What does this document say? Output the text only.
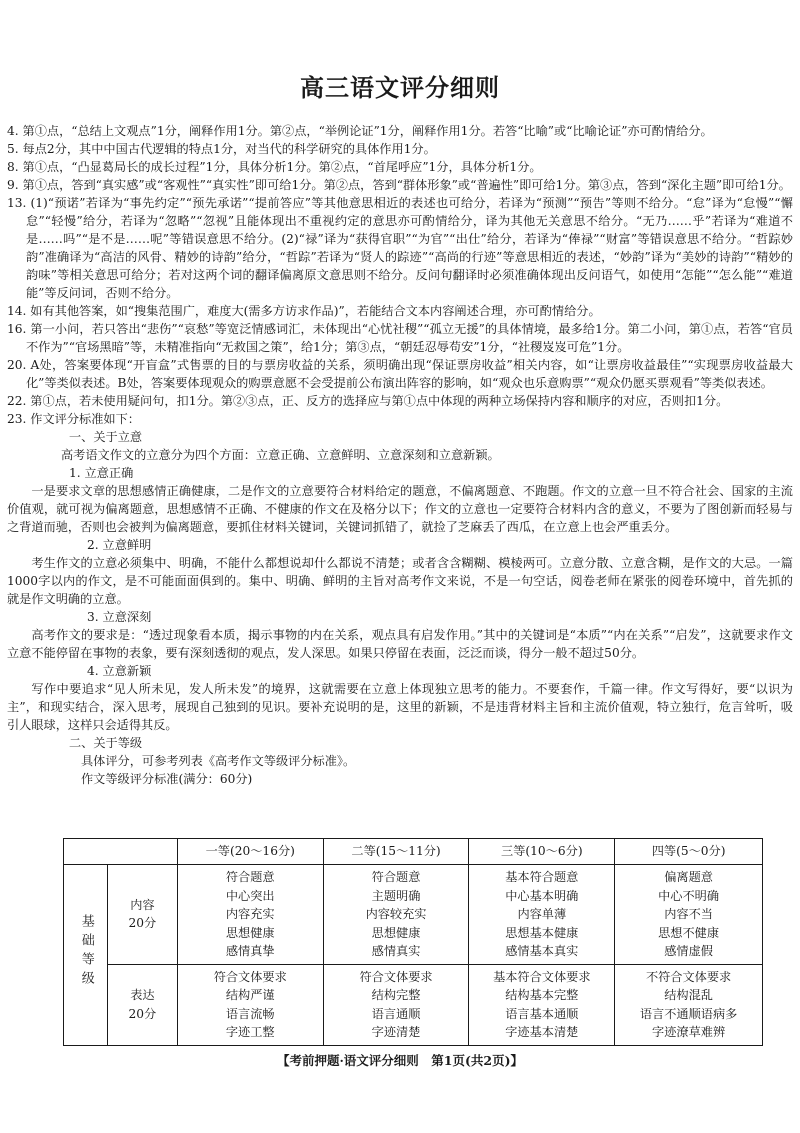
高三语文评分细则

4. 第①点，“总结上文观点”1分，阐释作用1分。第②点，“举例论证”1分，阐释作用1分。若答“比喻”或“比喻论证”亦可酌情给分。

5. 每点2分，其中中国古代逻辑的特点1分，对当代的科学研究的具体作用1分。

8. 第①点，“凸显葛局长的成长过程”1分，具体分析1分。第②点，“首尾呼应”1分，具体分析1分。

9. 第①点，答到“真实感”或“客观性”“真实性”即可给1分。第②点，答到“群体形象”或“普遍性”即可给1分。第③点，答到“深化主题”即可给1分。

13. (1)“预诺”若译为“事先约定”“预先承诺”“提前答应”等其他意思相近的表述也可给分，若译为“预测”“预告”等则不给分。“怠”译为“怠慢”“懈怠”“轻慢”给分，若译为“忽略”“忽视”且能体现出不重视约定的意思亦可酌情给分，译为其他无关意思不给分。“无乃……乎”若译为“难道不是……吗”“是不是……呢”等错误意思不给分。(2)“禄”译为“获得官职”“为官”“出仕”给分，若译为“俸禄”“财富”等错误意思不给分。“哲踪妙韵”准确译为“高洁的风骨、精妙的诗韵”给分，“哲踪”若译为“贤人的踪迹”“高尚的行迹”等意思相近的表述，“妙韵”译为“美妙的诗韵”“精妙的韵味”等相关意思可给分；若对这两个词的翻译偏离原文意思则不给分。反问句翻译时必须准确体现出反问语气，如使用“怎能”“怎么能”“难道能”等反问词，否则不给分。

14. 如有其他答案，如“搜集范围广，难度大(需多方访求作品)”，若能结合文本内容阐述合理，亦可酌情给分。

16. 第一小问，若只答出“悲伤”“哀愁”等宽泛情感词汇，未体现出“心忧社稷”“孤立无援”的具体情境，最多给1分。第二小问，第①点，若答“官员不作为”“官场黑暗”等，未精准指向“无救国之策”，给1分；第③点，“朝廷忍辱苟安”1分，“社稷岌岌可危”1分。

20. A处，答案要体现“开盲盒”式售票的目的与票房收益的关系，须明确出现“保证票房收益”相关内容，如“让票房收益最佳”“实现票房收益最大化”等类似表述。B处，答案要体现观众的购票意愿不会受提前公布演出阵容的影响，如“观众也乐意购票”“观众仍愿买票观看”等类似表述。

22. 第①点，若未使用疑问句，扣1分。第②③点，正、反方的选择应与第①点中体现的两种立场保持内容和顺序的对应，否则扣1分。

23. 作文评分标准如下：

一、关于立意

高考语文作文的立意分为四个方面：立意正确、立意鲜明、立意深刻和立意新颖。

1. 立意正确

一是要求文章的思想感情正确健康，二是作文的立意要符合材料给定的题意，不偏离题意、不跑题。作文的立意一旦不符合社会、国家的主流价值观，就可视为偏离题意，思想感情不正确、不健康的作文在及格分以下；作文的立意也一定要符合材料内含的意义，不要为了图创新而轻易与之背道而驰，否则也会被判为偏离题意，要抓住材料关键词，关键词抓错了，就捡了芝麻丢了西瓜，在立意上也会严重丢分。

2. 立意鲜明

考生作文的立意必须集中、明确，不能什么都想说却什么都说不清楚；或者含含糊糊、模棱两可。立意分散、立意含糊，是作文的大忌。一篇1000字以内的作文，是不可能面面俱到的。集中、明确、鲜明的主旨对高考作文来说，不是一句空话，阅卷老师在紧张的阅卷环境中，首先抓的就是作文明确的立意。

3. 立意深刻

高考作文的要求是：“透过现象看本质，揭示事物的内在关系，观点具有启发作用。”其中的关键词是“本质”“内在关系”“启发”，这就要求作文立意不能停留在事物的表象，要有深刻透彻的观点，发人深思。如果只停留在表面，泛泛而谈，得分一般不超过50分。

4. 立意新颖

写作中要追求“见人所未见，发人所未发”的境界，这就需要在立意上体现独立思考的能力。不要套作，千篇一律。作文写得好，要“以识为主”，和现实结合，深入思考，展现自己独到的见识。要补充说明的是，这里的新颖，不是违背材料主旨和主流价值观，特立独行，危言耸听，吸引人眼球，这样只会适得其反。

二、关于等级

具体评分，可参考列表《高考作文等级评分标准》。

作文等级评分标准(满分：60分)

		一等(20～16分)	二等(15～11分)	三等(10～6分)	四等(5～0分)
基础等级	内容
20分	符合题意
中心突出
内容充实
思想健康
感情真挚	符合题意
主题明确
内容较充实
思想健康
感情真实	基本符合题意
中心基本明确
内容单薄
思想基本健康
感情基本真实	偏离题意
中心不明确
内容不当
思想不健康
感情虚假

	表达
20分	符合文体要求
结构严谨
语言流畅
字迹工整	符合文体要求
结构完整
语言通顺
字迹清楚	基本符合文体要求
结构基本完整
语言基本通顺
字迹基本清楚	不符合文体要求
结构混乱
语言不通顺语病多
字迹潦草难辨
【考前押题·语文评分细则　第1页(共2页)】
